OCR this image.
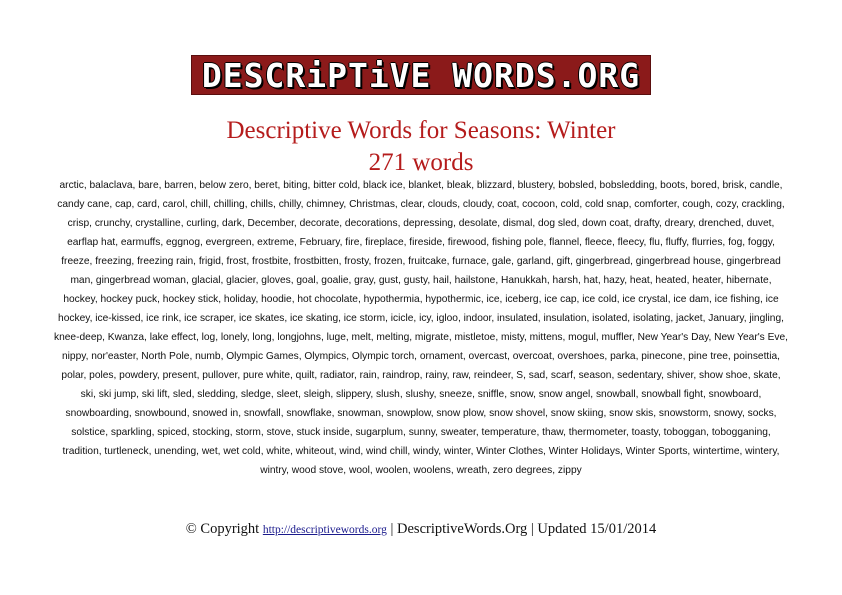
DESCRiPTiVE WORDS.ORG
Descriptive Words for Seasons: Winter
271 words
arctic, balaclava, bare, barren, below zero, beret, biting, bitter cold, black ice, blanket, bleak, blizzard, blustery, bobsled, bobsledding, boots, bored, brisk, candle, candy cane, cap, card, carol, chill, chilling, chills, chilly, chimney, Christmas, clear, clouds, cloudy, coat, cocoon, cold, cold snap, comforter, cough, cozy, crackling, crisp, crunchy, crystalline, curling, dark, December, decorate, decorations, depressing, desolate, dismal, dog sled, down coat, drafty, dreary, drenched, duvet, earflap hat, earmuffs, eggnog, evergreen, extreme, February, fire, fireplace, fireside, firewood, fishing pole, flannel, fleece, fleecy, flu, fluffy, flurries, fog, foggy, freeze, freezing, freezing rain, frigid, frost, frostbite, frostbitten, frosty, frozen, fruitcake, furnace, gale, garland, gift, gingerbread, gingerbread house, gingerbread man, gingerbread woman, glacial, glacier, gloves, goal, goalie, gray, gust, gusty, hail, hailstone, Hanukkah, harsh, hat, hazy, heat, heated, heater, hibernate, hockey, hockey puck, hockey stick, holiday, hoodie, hot chocolate, hypothermia, hypothermic, ice, iceberg, ice cap, ice cold, ice crystal, ice dam, ice fishing, ice hockey, ice-kissed, ice rink, ice scraper, ice skates, ice skating, ice storm, icicle, icy, igloo, indoor, insulated, insulation, isolated, isolating, jacket, January, jingling, knee-deep, Kwanza, lake effect, log, lonely, long, longjohns, luge, melt, melting, migrate, mistletoe, misty, mittens, mogul, muffler, New Year's Day, New Year's Eve, nippy, nor'easter, North Pole, numb, Olympic Games, Olympics, Olympic torch, ornament, overcast, overcoat, overshoes, parka, pinecone, pine tree, poinsettia, polar, poles, powdery, present, pullover, pure white, quilt, radiator, rain, raindrop, rainy, raw, reindeer, S, sad, scarf, season, sedentary, shiver, show shoe, skate, ski, ski jump, ski lift, sled, sledding, sledge, sleet, sleigh, slippery, slush, slushy, sneeze, sniffle, snow, snow angel, snowball, snowball fight, snowboard, snowboarding, snowbound, snowed in, snowfall, snowflake, snowman, snowplow, snow plow, snow shovel, snow skiing, snow skis, snowstorm, snowy, socks, solstice, sparkling, spiced, stocking, storm, stove, stuck inside, sugarplum, sunny, sweater, temperature, thaw, thermometer, toasty, toboggan, tobogganing, tradition, turtleneck, unending, wet, wet cold, white, whiteout, wind, wind chill, windy, winter, Winter Clothes, Winter Holidays, Winter Sports, wintertime, wintery, wintry, wood stove, wool, woolen, woolens, wreath, zero degrees, zippy
© Copyright http://descriptivewords.org | DescriptiveWords.Org | Updated 15/01/2014
